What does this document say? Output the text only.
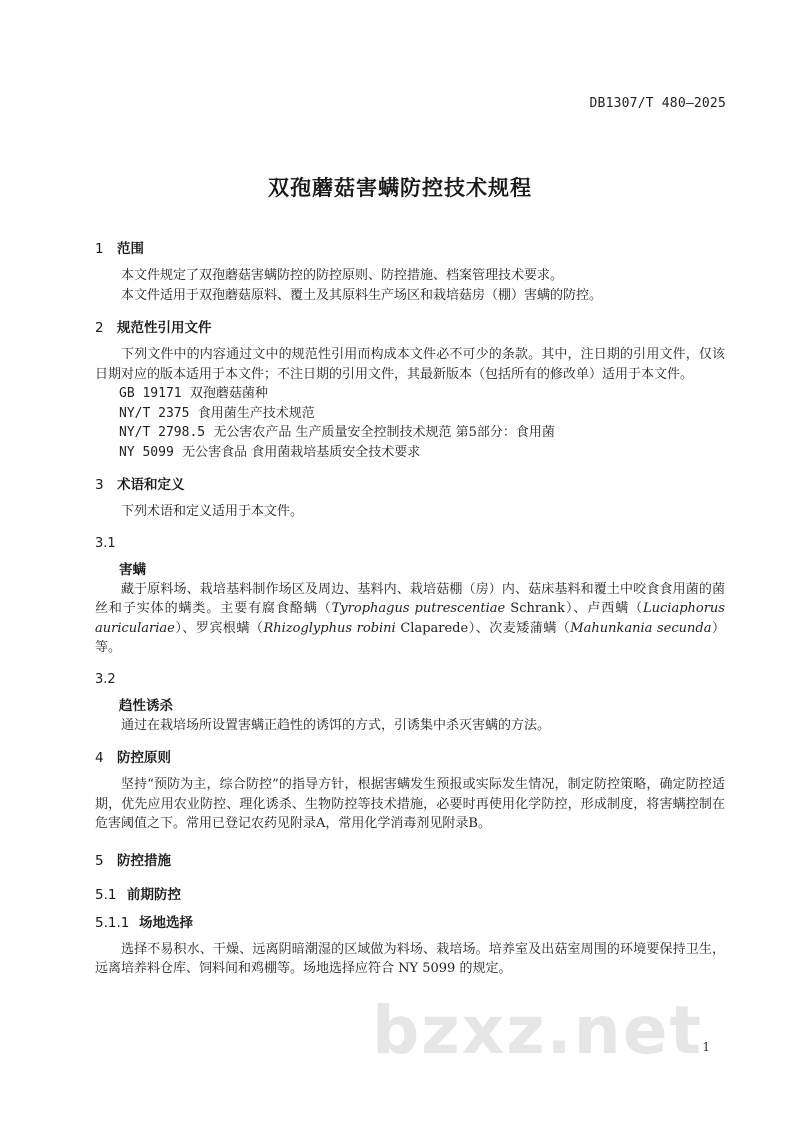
DB1307/T 480—2025
双孢蘑菇害螨防控技术规程
1 范围

本文件规定了双孢蘑菇害螨防控的防控原则、防控措施、档案管理技术要求。

本文件适用于双孢蘑菇原料、覆土及其原料生产场区和栽培菇房（棚）害螨的防控。

2 规范性引用文件

下列文件中的内容通过文中的规范性引用而构成本文件必不可少的条款。其中，注日期的引用文件，仅该日期对应的版本适用于本文件；不注日期的引用文件，其最新版本（包括所有的修改单）适用于本文件。

GB 19171 双孢蘑菇菌种
NY/T 2375 食用菌生产技术规范
NY/T 2798.5 无公害农产品 生产质量安全控制技术规范 第5部分：食用菌
NY 5099 无公害食品 食用菌栽培基质安全技术要求
3 术语和定义

下列术语和定义适用于本文件。

3.1
害螨

藏于原料场、栽培基料制作场区及周边、基料内、栽培菇棚（房）内、菇床基料和覆土中咬食食用菌的菌丝和子实体的螨类。主要有腐食酪螨（Tyrophagus putrescentiae Schrank）、卢西螨（Luciaphorus auriculariae）、罗宾根螨（Rhizoglyphus robini Claparede）、次麦矮蒲螨（Mahunkania secunda）等。

3.2
趋性诱杀

通过在栽培场所设置害螨正趋性的诱饵的方式，引诱集中杀灭害螨的方法。

4 防控原则

坚持“预防为主，综合防控”的指导方针，根据害螨发生预报或实际发生情况，制定防控策略，确定防控适期，优先应用农业防控、理化诱杀、生物防控等技术措施，必要时再使用化学防控，形成制度，将害螨控制在危害阈值之下。常用已登记农药见附录A，常用化学消毒剂见附录B。

5 防控措施
5.1 前期防控
5.1.1 场地选择

选择不易积水、干燥、远离阴暗潮湿的区域做为料场、栽培场。培养室及出菇室周围的环境要保持卫生，远离培养料仓库、饲料间和鸡棚等。场地选择应符合 NY 5099 的规定。

bzxz.net 1
